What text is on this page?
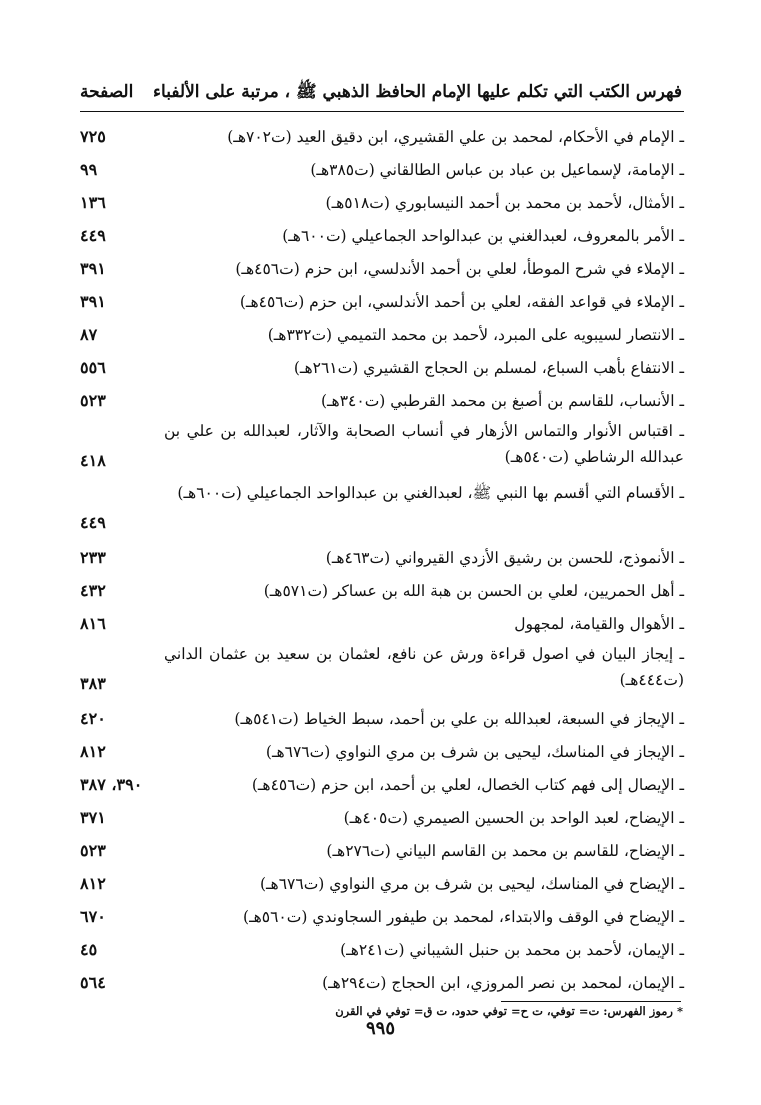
فهرس الكتب التي تكلم عليها الإمام الحافظ الذهبي ﷺ ، مرتبة على الألفباء
الصفحة
ـ الإمام في الأحكام، لمحمد بن علي القشيري، ابن دقيق العيد (ت٧٠٢هـ)
٧٢٥
ـ الإمامة، لإسماعيل بن عباد بن عباس الطالقاني (ت٣٨٥هـ)
٩٩
ـ الأمثال، لأحمد بن محمد بن أحمد النيسابوري (ت٥١٨هـ)
١٣٦
ـ الأمر بالمعروف، لعبدالغني بن عبدالواحد الجماعيلي (ت٦٠٠هـ)
٤٤٩
ـ الإملاء في شرح الموطأ، لعلي بن أحمد الأندلسي، ابن حزم (ت٤٥٦هـ)
٣٩١
ـ الإملاء في قواعد الفقه، لعلي بن أحمد الأندلسي، ابن حزم (ت٤٥٦هـ)
٣٩١
ـ الانتصار لسيبويه على المبرد، لأحمد بن محمد التميمي (ت٣٣٢هـ)
٨٧
ـ الانتفاع بأهب السباع، لمسلم بن الحجاج القشيري (ت٢٦١هـ)
٥٥٦
ـ الأنساب، للقاسم بن أصبغ بن محمد القرطبي (ت٣٤٠هـ)
٥٢٣
ـ اقتباس الأنوار والتماس الأزهار في أنساب الصحابة والآثار، لعبدالله بن علي بن عبدالله الرشاطي (ت٥٤٠هـ)
٤١٨
ـ الأقسام التي أقسم بها النبي ﷺ، لعبدالغني بن عبدالواحد الجماعيلي (ت٦٠٠هـ)
٤٤٩
ـ الأنموذج، للحسن بن رشيق الأزدي القيرواني (ت٤٦٣هـ)
٢٣٣
ـ أهل الحمريين، لعلي بن الحسن بن هبة الله بن عساكر (ت٥٧١هـ)
٤٣٢
ـ الأهوال والقيامة، لمجهول
٨١٦
ـ إيجاز البيان في اصول قراءة ورش عن نافع، لعثمان بن سعيد بن عثمان الداني (ت٤٤٤هـ)
٣٨٣
ـ الإيجاز في السبعة، لعبدالله بن علي بن أحمد، سبط الخياط (ت٥٤١هـ)
٤٢٠
ـ الإيجاز في المناسك، ليحيى بن شرف بن مري النواوي (ت٦٧٦هـ)
٨١٢
ـ الإيصال إلى فهم كتاب الخصال، لعلي بن أحمد، ابن حزم (ت٤٥٦هـ)
٣٩٠، ٣٨٧
ـ الإيضاح، لعبد الواحد بن الحسين الصيمري (ت٤٠٥هـ)
٣٧١
ـ الإيضاح، للقاسم بن محمد بن القاسم البياني (ت٢٧٦هـ)
٥٢٣
ـ الإيضاح في المناسك، ليحيى بن شرف بن مري النواوي (ت٦٧٦هـ)
٨١٢
ـ الإيضاح في الوقف والابتداء، لمحمد بن طيفور السجاوندي (ت٥٦٠هـ)
٦٧٠
ـ الإيمان، لأحمد بن محمد بن حنبل الشيباني (ت٢٤١هـ)
٤٥
ـ الإيمان، لمحمد بن نصر المروزي، ابن الحجاج (ت٢٩٤هـ)
٥٦٤
* رموز الفهرس: ت= توفي، ت ح= توفي حدود، ت ق= توفي في القرن
٩٩٥
